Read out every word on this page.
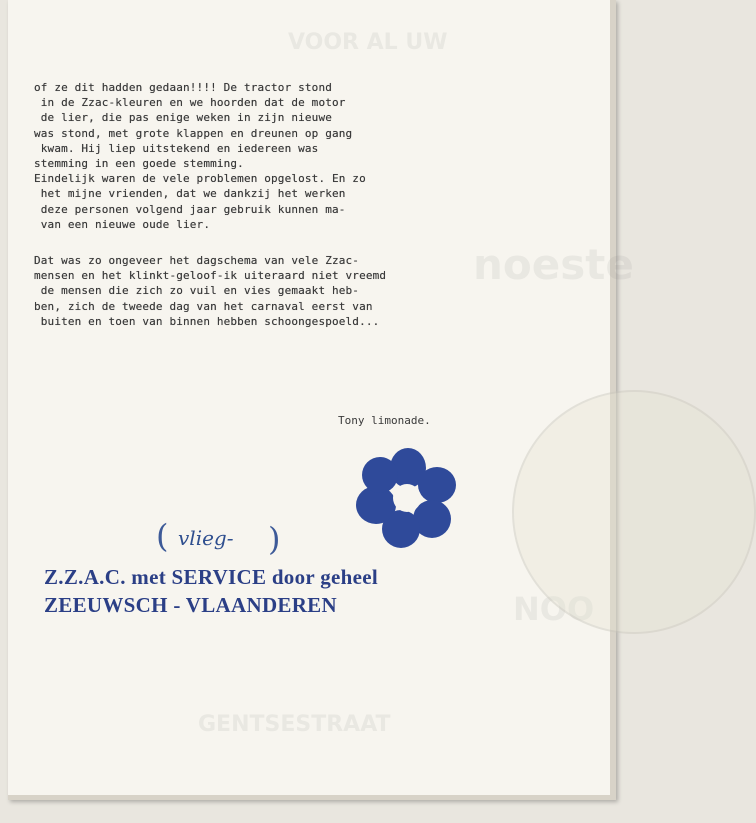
VOOR AL UW
noeste
NOO
GENTSESTRAAT
of ze dit hadden gedaan!!!! De tractor stond
in de Zzac-kleuren en we hoorden dat de motor
de lier, die pas enige weken in zijn nieuwe
was stond, met grote klappen en dreunen op gang
kwam. Hij liep uitstekend en iedereen was
stemming in een goede stemming.
Eindelijk waren de vele problemen opgelost. En zo
het mijne vrienden, dat we dankzij het werken
deze personen volgend jaar gebruik kunnen ma-
van een nieuwe oude lier.
Dat was zo ongeveer het dagschema van vele Zzac-
mensen en het klinkt-geloof-ik uiteraard niet vreemd
de mensen die zich zo vuil en vies gemaakt heb-
ben, zich de tweede dag van het carnaval eerst van
buiten en toen van binnen hebben schoongespoeld...
Tony limonade.
( vlieg- )
Z.Z.A.C. met SERVICE door geheel
ZEEUWSCH - VLAANDEREN
